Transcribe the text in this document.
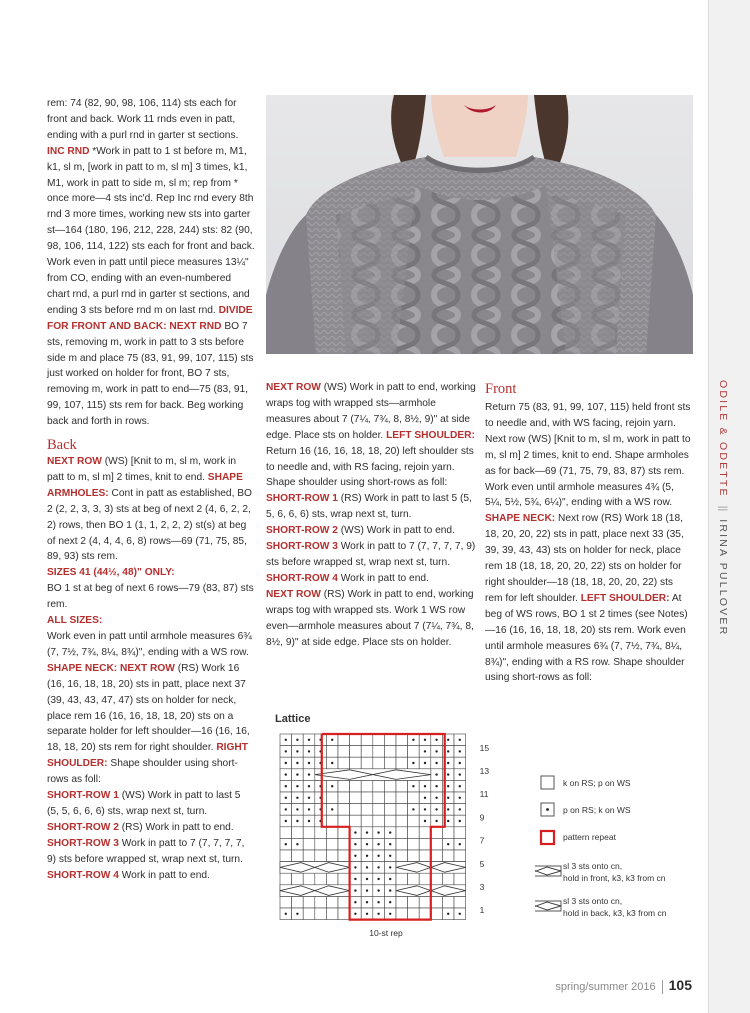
ODILE & ODETTE||IRINA PULLOVER

rem: 74 (82, 90, 98, 106, 114) sts each for front and back. Work 11 rnds even in patt, ending with a purl rnd in garter st sections. INC RND *Work in patt to 1 st before m, M1, k1, sl m, [work in patt to m, sl m] 3 times, k1, M1, work in patt to side m, sl m; rep from * once more—4 sts inc'd. Rep Inc rnd every 8th rnd 3 more times, working new sts into garter st—164 (180, 196, 212, 228, 244) sts: 82 (90, 98, 106, 114, 122) sts each for front and back. Work even in patt until piece measures 13¼" from CO, ending with an even-numbered chart rnd, a purl rnd in garter st sections, and ending 3 sts before rnd m on last rnd. DIVIDE FOR FRONT AND BACK: NEXT RND BO 7 sts, removing m, work in patt to 3 sts before side m and place 75 (83, 91, 99, 107, 115) sts just worked on holder for front, BO 7 sts, removing m, work in patt to end—75 (83, 91, 99, 107, 115) sts rem for back. Beg working back and forth in rows.

Back

NEXT ROW (WS) [Knit to m, sl m, work in patt to m, sl m] 2 times, knit to end. SHAPE ARMHOLES: Cont in patt as established, BO 2 (2, 2, 3, 3, 3) sts at beg of next 2 (4, 6, 2, 2, 2) rows, then BO 1 (1, 1, 2, 2, 2) st(s) at beg of next 2 (4, 4, 4, 6, 8) rows—69 (71, 75, 85, 89, 93) sts rem.

SIZES 41 (44½, 48)" ONLY:

BO 1 st at beg of next 6 rows—79 (83, 87) sts rem.

ALL SIZES:

Work even in patt until armhole measures 6¾ (7, 7½, 7¾, 8¼, 8¾)", ending with a WS row. SHAPE NECK: NEXT ROW (RS) Work 16 (16, 16, 18, 18, 20) sts in patt, place next 37 (39, 43, 43, 47, 47) sts on holder for neck, place rem 16 (16, 16, 18, 18, 20) sts on a separate holder for left shoulder—16 (16, 16, 18, 18, 20) sts rem for right shoulder. RIGHT SHOULDER: Shape shoulder using short-rows as foll:

SHORT-ROW 1 (WS) Work in patt to last 5 (5, 5, 6, 6, 6) sts, wrap next st, turn.

SHORT-ROW 2 (RS) Work in patt to end.

SHORT-ROW 3 Work in patt to 7 (7, 7, 7, 7, 9) sts before wrapped st, wrap next st, turn.

SHORT-ROW 4 Work in patt to end.

NEXT ROW (WS) Work in patt to end, working wraps tog with wrapped sts—armhole measures about 7 (7¼, 7¾, 8, 8½, 9)" at side edge. Place sts on holder. LEFT SHOULDER: Return 16 (16, 16, 18, 18, 20) left shoulder sts to needle and, with RS facing, rejoin yarn. Shape shoulder using short-rows as foll:

SHORT-ROW 1 (RS) Work in patt to last 5 (5, 5, 6, 6, 6) sts, wrap next st, turn.

SHORT-ROW 2 (WS) Work in patt to end.

SHORT-ROW 3 Work in patt to 7 (7, 7, 7, 7, 9) sts before wrapped st, wrap next st, turn.

SHORT-ROW 4 Work in patt to end.

NEXT ROW (RS) Work in patt to end, working wraps tog with wrapped sts. Work 1 WS row even—armhole measures about 7 (7¼, 7¾, 8, 8½, 9)" at side edge. Place sts on holder.

Front

Return 75 (83, 91, 99, 107, 115) held front sts to needle and, with WS facing, rejoin yarn. Next row (WS) [Knit to m, sl m, work in patt to m, sl m] 2 times, knit to end. Shape armholes as for back—69 (71, 75, 79, 83, 87) sts rem. Work even until armhole measures 4¾ (5, 5¼, 5½, 5¾, 6¼)", ending with a WS row. SHAPE NECK: Next row (RS) Work 18 (18, 18, 20, 20, 22) sts in patt, place next 33 (35, 39, 39, 43, 43) sts on holder for neck, place rem 18 (18, 18, 20, 20, 22) sts on holder for right shoulder—18 (18, 18, 20, 20, 22) sts rem for left shoulder. LEFT SHOULDER: At beg of WS rows, BO 1 st 2 times (see Notes)—16 (16, 16, 18, 18, 20) sts rem. Work even until armhole measures 6¾ (7, 7½, 7¾, 8¼, 8¾)", ending with a RS row. Shape shoulder using short-rows as foll:

Lattice
15
13
11
9
7
5
3
1
10-st rep
k on RS; p on WS
p on RS; k on WS
pattern repeat
sl 3 sts onto cn,
hold in front, k3, k3 from cn
sl 3 sts onto cn,
hold in back, k3, k3 from cn
spring/summer 2016 105
